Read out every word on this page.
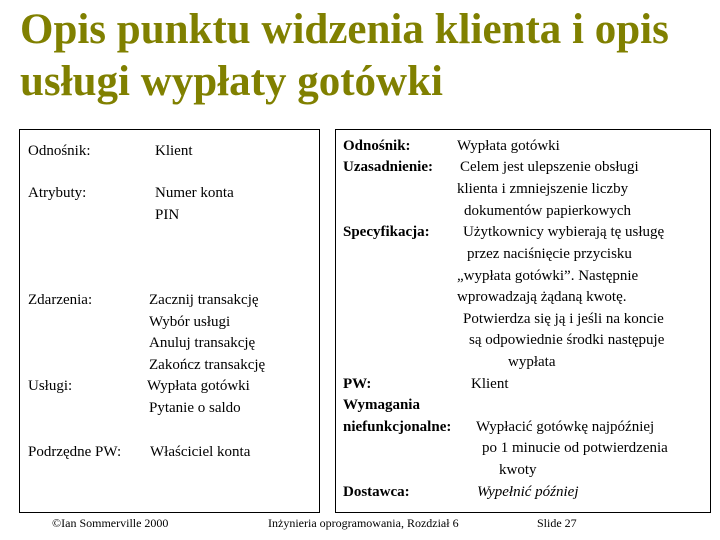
Opis punktu widzenia klienta i opis
usługi wypłaty gotówki
Odnośnik:	Klient
Atrybuty:	Numer konta
PIN
Zdarzenia:	Zacznij transakcję
Wybór usługi
Anuluj transakcję
Zakończ transakcję
Usługi:	Wypłata gotówki
Pytanie o saldo
Podrzędne PW: Właściciel konta
Odnośnik:	Wypłata gotówki
Uzasadnienie: Celem jest ulepszenie obsługi
klienta i zmniejszenie liczby
dokumentów papierkowych
Specyfikacja: Użytkownicy wybierają tę usługę
przez naciśnięcie przycisku
„wypłata gotówki”. Następnie
wprowadzają żądaną kwotę.
Potwierdza się ją i jeśli na koncie
są odpowiednie środki następuje
wypłata
PW:	Klient
Wymagania
niefunkcjonalne: Wypłacić gotówkę najpóźniej
po 1 minucie od potwierdzenia
kwoty
Dostawca:	Wypełnić później
©Ian Sommerville 2000	Inżynieria oprogramowania, Rozdział 6	Slide 27
